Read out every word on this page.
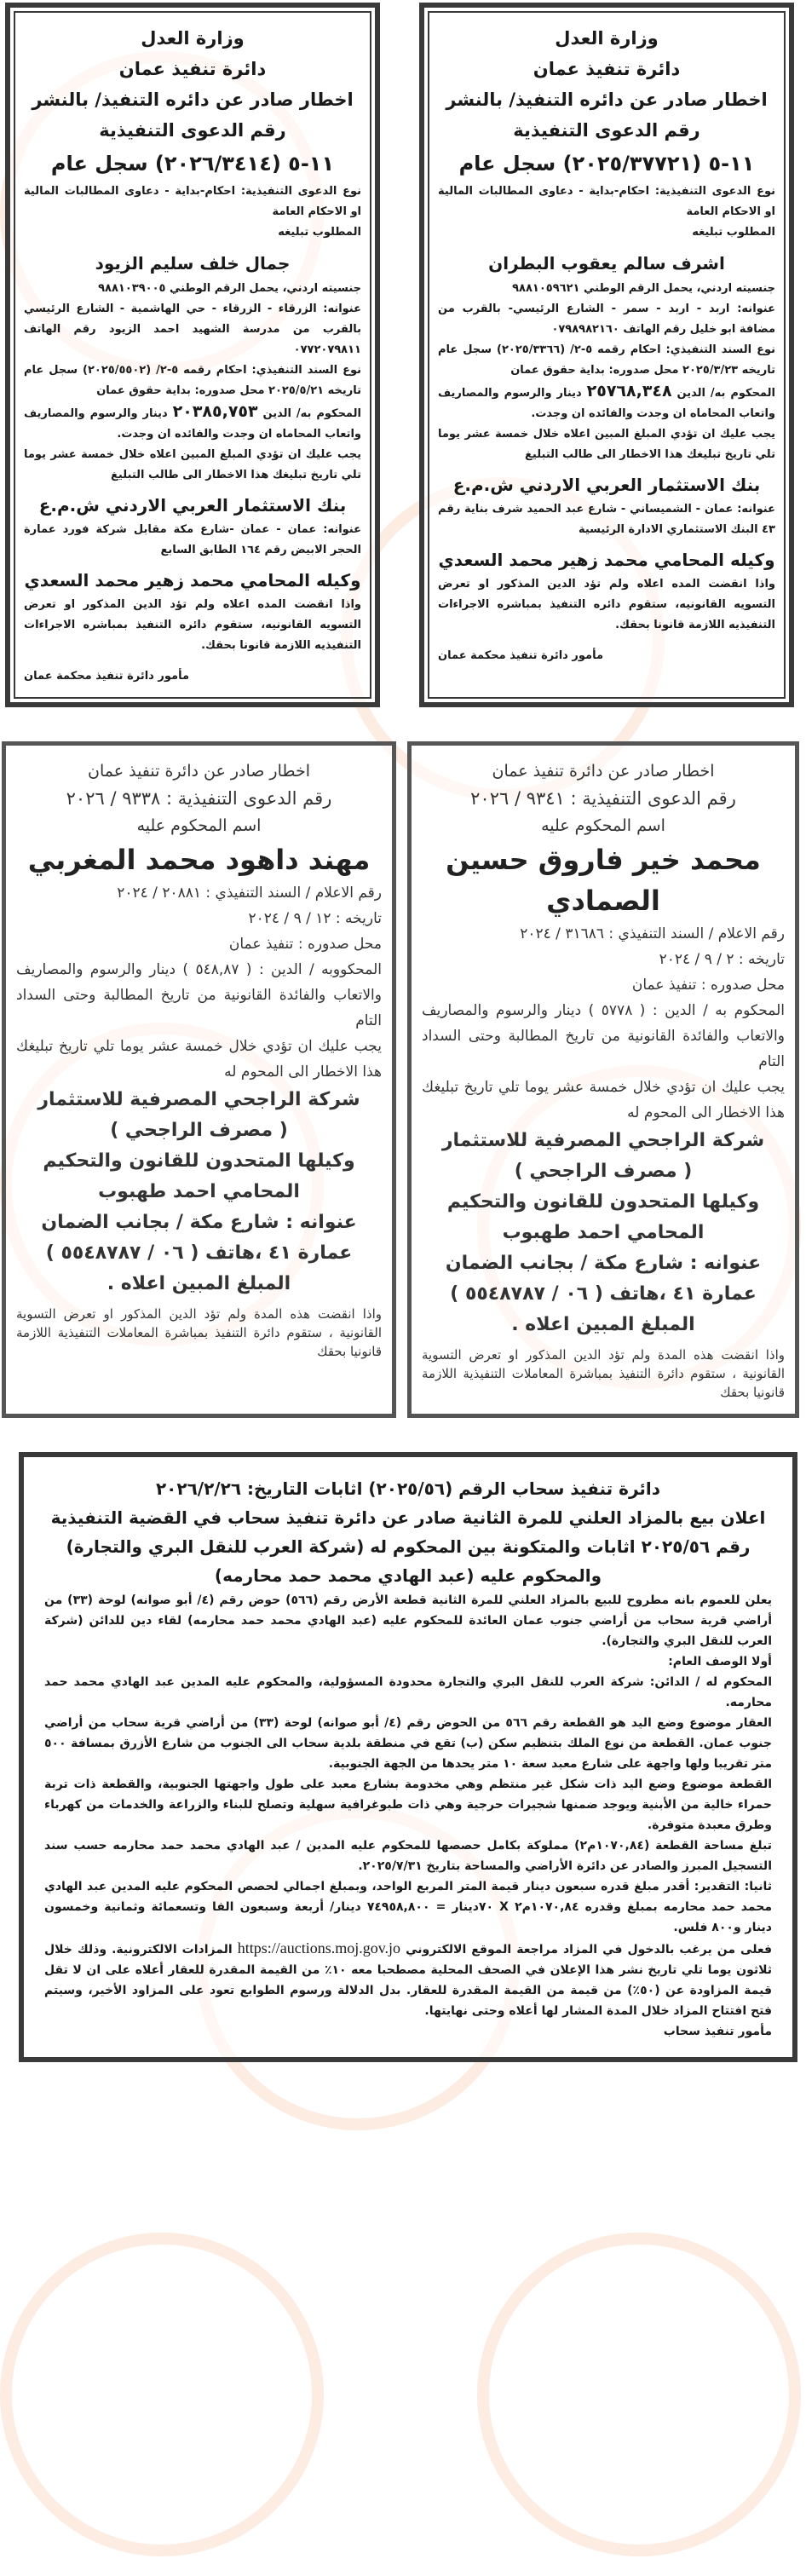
وزارة العدل
دائرة تنفيذ عمان
اخطار صادر عن دائره التنفيذ/ بالنشر
رقم الدعوى التنفيذية
١١-٥ (٢٠٢٥/٣٧٧٢١) سجل عام
نوع الدعوى التنفيذية: احكام-بداية - دعاوى المطالبات المالية او الاحكام العامة
المطلوب تبليغه
اشرف سالم يعقوب البطران
جنسيته اردني، يحمل الرقم الوطني ٩٨٨١٠٥٩٦٢١
عنوانه: اربد - اربد - سمر - الشارع الرئيسي- بالقرب من مضافة ابو خليل رقم الهاتف ٠٧٩٨٩٨٢١٦٠
نوع السند التنفيذي: احكام رقمه ٥-٢/ (٢٠٢٥/٣٣٦٦) سجل عام تاريخه ٢٠٢٥/٣/٢٣ محل صدوره: بداية حقوق عمان
المحكوم به/ الدين ٢٥٧٦٨,٣٤٨ دينار والرسوم والمصاريف واتعاب المحاماه ان وجدت والفائده ان وجدت.
يجب عليك ان تؤدي المبلغ المبين اعلاه خلال خمسة عشر يوما تلي تاريخ تبليغك هذا الاخطار الى طالب التبليغ
بنك الاستثمار العربي الاردني ش.م.ع
عنوانه: عمان - الشميساني - شارع عبد الحميد شرف بناية رقم ٤٣ البنك الاستثماري الادارة الرئيسية
وكيله المحامي محمد زهير محمد السعدي
واذا انقضت المده اعلاه ولم تؤد الدين المذكور او تعرض التسويه القانونيه، ستقوم دائره التنفيذ بمباشره الاجراءات التنفيذيه اللازمة قانونا بحقك.
مأمور دائرة تنفيذ محكمة عمان
وزارة العدل
دائرة تنفيذ عمان
اخطار صادر عن دائره التنفيذ/ بالنشر
رقم الدعوى التنفيذية
١١-٥ (٢٠٢٦/٣٤١٤) سجل عام
نوع الدعوى التنفيذية: احكام-بداية - دعاوى المطالبات المالية او الاحكام العامة
المطلوب تبليغه
جمال خلف سليم الزيود
جنسيته اردني، يحمل الرقم الوطني ٩٨٨١٠٣٩٠٠٥
عنوانه: الزرقاء - الزرقاء - حي الهاشمية - الشارع الرئيسي بالقرب من مدرسة الشهيد احمد الزيود رقم الهاتف ٠٧٧٢٠٧٩٨١١
نوع السند التنفيذي: احكام رقمه ٥-٢/ (٢٠٢٥/٥٥٠٢) سجل عام تاريخه ٢٠٢٥/٥/٢١ محل صدوره: بداية حقوق عمان
المحكوم به/ الدين ٢٠٣٨٥,٧٥٣ دينار والرسوم والمصاريف واتعاب المحاماه ان وجدت والفائده ان وجدت.
يجب عليك ان تؤدي المبلغ المبين اعلاه خلال خمسة عشر يوما تلي تاريخ تبليغك هذا الاخطار الى طالب التبليغ
بنك الاستثمار العربي الاردني ش.م.ع
عنوانه: عمان - عمان -شارع مكة مقابل شركة فورد عمارة الحجر الابيض رقم ١٦٤ الطابق السابع
وكيله المحامي محمد زهير محمد السعدي
واذا انقضت المده اعلاه ولم تؤد الدين المذكور او تعرض التسويه القانونيه، ستقوم دائره التنفيذ بمباشره الاجراءات التنفيذيه اللازمة قانونا بحقك.
مأمور دائرة تنفيذ محكمة عمان
اخطار صادر عن دائرة تنفيذ عمان
رقم الدعوى التنفيذية : ٩٣٤١ / ٢٠٢٦
اسم المحكوم عليه
محمد خير فاروق حسين الصمادي
رقم الاعلام / السند التنفيذي : ٣١٦٨٦ / ٢٠٢٤
تاريخه : ٢ / ٩ / ٢٠٢٤
محل صدوره : تنفيذ عمان
المحكوم به / الدين : ( ٥٧٧٨ ) دينار والرسوم والمصاريف والاتعاب والفائدة القانونية من تاريخ المطالبة وحتى السداد التام
يجب عليك ان تؤدي خلال خمسة عشر يوما تلي تاريخ تبليغك هذا الاخطار الى المحوم له
شركة الراجحي المصرفية للاستثمار
( مصرف الراجحي )
وكيلها المتحدون للقانون والتحكيم
المحامي احمد طهبوب
عنوانه : شارع مكة / بجانب الضمان
عمارة ٤١ ،هاتف ( ٠٦ / ٥٥٤٨٧٨٧ )
المبلغ المبين اعلاه .
واذا انقضت هذه المدة ولم تؤد الدين المذكور او تعرض التسوية القانونية ، ستقوم دائرة التنفيذ بمباشرة المعاملات التنفيذية اللازمة قانونيا بحقك
اخطار صادر عن دائرة تنفيذ عمان
رقم الدعوى التنفيذية : ٩٣٣٨ / ٢٠٢٦
اسم المحكوم عليه
مهند داهود محمد المغربي
رقم الاعلام / السند التنفيذي : ٢٠٨٨١ / ٢٠٢٤
تاريخه : ١٢ / ٩ / ٢٠٢٤
محل صدوره : تنفيذ عمان
المحكووبه / الدين : ( ٥٤٨,٨٧ ) دينار والرسوم والمصاريف والاتعاب والفائدة القانونية من تاريخ المطالبة وحتى السداد التام
يجب عليك ان تؤدي خلال خمسة عشر يوما تلي تاريخ تبليغك هذا الاخطار الى المحوم له
شركة الراجحي المصرفية للاستثمار
( مصرف الراجحي )
وكيلها المتحدون للقانون والتحكيم
المحامي احمد طهبوب
عنوانه : شارع مكة / بجانب الضمان
عمارة ٤١ ،هاتف ( ٠٦ / ٥٥٤٨٧٨٧ )
المبلغ المبين اعلاه .
واذا انقضت هذه المدة ولم تؤد الدين المذكور او تعرض التسوية القانونية ، ستقوم دائرة التنفيذ بمباشرة المعاملات التنفيذية اللازمة قانونيا بحقك
دائرة تنفيذ سحاب الرقم (٢٠٢٥/٥٦) اثابات التاريخ: ٢٠٢٦/٢/٢٦
اعلان بيع بالمزاد العلني للمرة الثانية صادر عن دائرة تنفيذ سحاب في القضية التنفيذية
رقم ٢٠٢٥/٥٦ اثابات والمتكونة بين المحكوم له (شركة العرب للنقل البري والتجارة)
والمحكوم عليه (عبد الهادي محمد حمد محارمه)

يعلن للعموم بانه مطروح للبيع بالمزاد العلني للمرة الثانية قطعة الأرض رقم (٥٦٦) حوض رقم (٤/ أبو صوانه) لوحة (٣٣) من أراضي قرية سحاب من أراضي جنوب عمان العائدة للمحكوم عليه (عبد الهادي محمد حمد محارمه) لقاء دين للدائن (شركة العرب للنقل البري والتجارة).

أولا الوصف العام:

المحكوم له / الدائن: شركة العرب للنقل البري والتجارة محدودة المسؤولية، والمحكوم عليه المدين عبد الهادي محمد حمد محارمه.

العقار موضوع وضع اليد هو القطعة رقم ٥٦٦ من الحوض رقم (٤/ أبو صوانه) لوحة (٣٣) من أراضي قرية سحاب من أراضي جنوب عمان. القطعة من نوع الملك بتنظيم سكن (ب) تقع في منطقة بلدية سحاب الى الجنوب من شارع الأزرق بمسافة ٥٠٠ متر تقريبا ولها واجهة على شارع معبد سعة ١٠ متر يحدها من الجهة الجنوبية.

القطعة موضوع وضع اليد ذات شكل غير منتظم وهي مخدومة بشارع معبد على طول واجهتها الجنوبية، والقطعة ذات تربة حمراء خالية من الأبنية ويوجد ضمنها شجيرات حرجية وهي ذات طبوغرافية سهلية وتصلح للبناء والزراعة والخدمات من كهرباء وطرق معبدة متوفرة.

تبلغ مساحة القطعة (١٠٧٠,٨٤م٢) مملوكة بكامل حصصها للمحكوم عليه المدين / عبد الهادي محمد حمد محارمه حسب سند التسجيل المبرز والصادر عن دائرة الأراضي والمساحة بتاريخ ٢٠٢٥/٧/٣١.

ثانيا: التقدير: أقدر مبلغ قدره سبعون دينار قيمة المتر المربع الواحد، وبمبلغ اجمالي لحصص المحكوم عليه المدين عبد الهادي محمد حمد محارمه بمبلغ وقدره ١٠٧٠,٨٤م٢ X ٧٠دينار = ٧٤٩٥٨,٨٠٠ دينار/ أربعة وسبعون الفا وتسعمائة وثمانية وخمسون دينار و٨٠٠ فلس.

فعلى من يرغب بالدخول في المزاد مراجعة الموقع الالكتروني https://auctions.moj.gov.jo المزادات الالكترونية. وذلك خلال ثلاثون يوما تلي تاريخ نشر هذا الإعلان في الصحف المحلية مصطحبا معه ١٠٪ من القيمة المقدرة للعقار أعلاه على ان لا تقل قيمة المزاودة عن (٥٠٪) من قيمة من القيمة المقدرة للعقار. بدل الدلالة ورسوم الطوابع تعود على المزاود الأخير، وسيتم فتح افتتاح المزاد خلال المدة المشار لها أعلاه وحتى نهايتها.

مأمور تنفيذ سحاب
